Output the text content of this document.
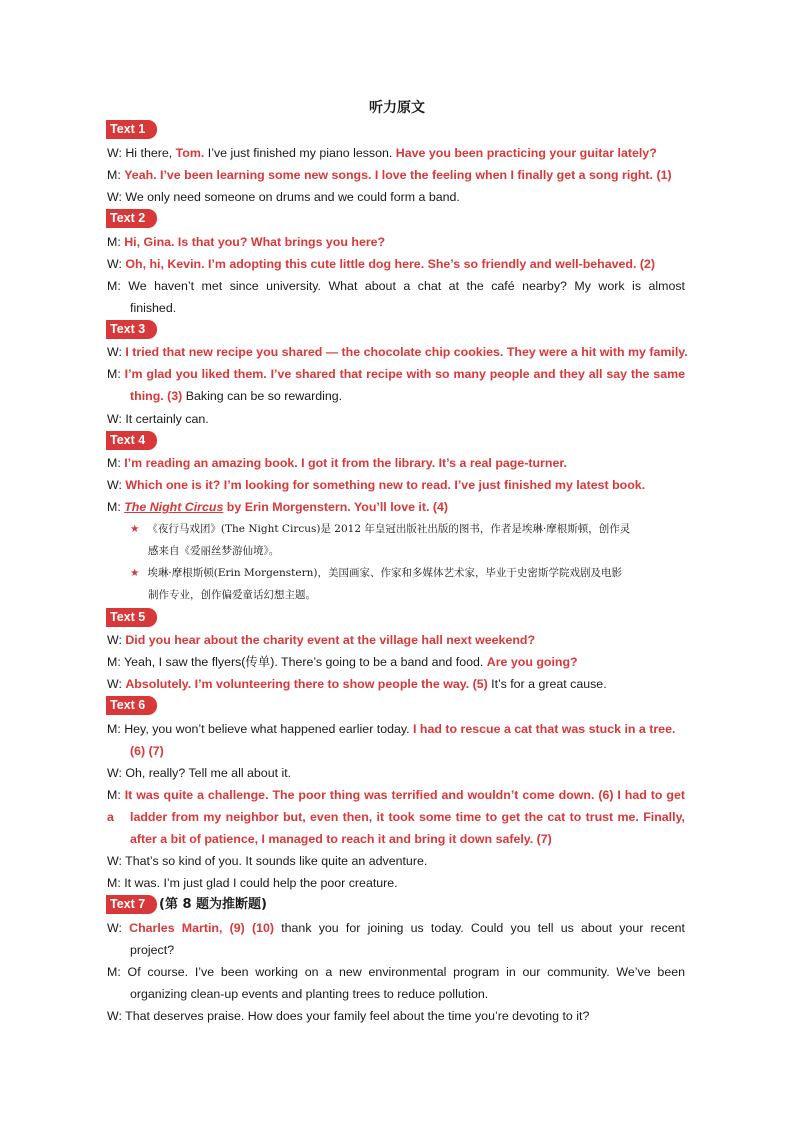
听力原文
Text 1
W: Hi there, Tom. I’ve just finished my piano lesson. Have you been practicing your guitar lately?
M: Yeah. I’ve been learning some new songs. I love the feeling when I finally get a song right. (1)
W: We only need someone on drums and we could form a band.
Text 2
M: Hi, Gina. Is that you? What brings you here?
W: Oh, hi, Kevin. I’m adopting this cute little dog here. She’s so friendly and well-behaved. (2)
M: We haven’t met since university. What about a chat at the café nearby? My work is almost
finished.
Text 3
W: I tried that new recipe you shared — the chocolate chip cookies. They were a hit with my family.
M: I’m glad you liked them. I’ve shared that recipe with so many people and they all say the same
thing. (3) Baking can be so rewarding.
W: It certainly can.
Text 4
M: I’m reading an amazing book. I got it from the library. It’s a real page-turner.
W: Which one is it? I’m looking for something new to read. I’ve just finished my latest book.
M: The Night Circus by Erin Morgenstern. You’ll love it. (4)
★ 《夜行马戏团》(The Night Circus)是 2012 年皇冠出版社出版的图书，作者是埃琳·摩根斯顿，创作灵
感来自《爱丽丝梦游仙境》。
★ 埃琳·摩根斯顿(Erin Morgenstern)，美国画家、作家和多媒体艺术家，毕业于史密斯学院戏剧及电影
制作专业，创作偏爱童话幻想主题。
Text 5
W: Did you hear about the charity event at the village hall next weekend?
M: Yeah, I saw the flyers(传单). There’s going to be a band and food. Are you going?
W: Absolutely. I’m volunteering there to show people the way. (5) It’s for a great cause.
Text 6
M: Hey, you won’t believe what happened earlier today. I had to rescue a cat that was stuck in a tree.
(6) (7)
W: Oh, really? Tell me all about it.
M: It was quite a challenge. The poor thing was terrified and wouldn’t come down. (6) I had to get a	ladder from my neighbor but, even then, it took some time to get the cat to trust me. Finally,
after a bit of patience, I managed to reach it and bring it down safely. (7)
W: That’s so kind of you. It sounds like quite an adventure.
M: It was. I’m just glad I could help the poor creature.
Text 7	(第 8 题为推断题)
W: Charles Martin, (9) (10) thank you for joining us today. Could you tell us about your recent
project?
M: Of course. I’ve been working on a new environmental program in our community. We’ve been
organizing clean-up events and planting trees to reduce pollution.
W: That deserves praise. How does your family feel about the time you’re devoting to it?
